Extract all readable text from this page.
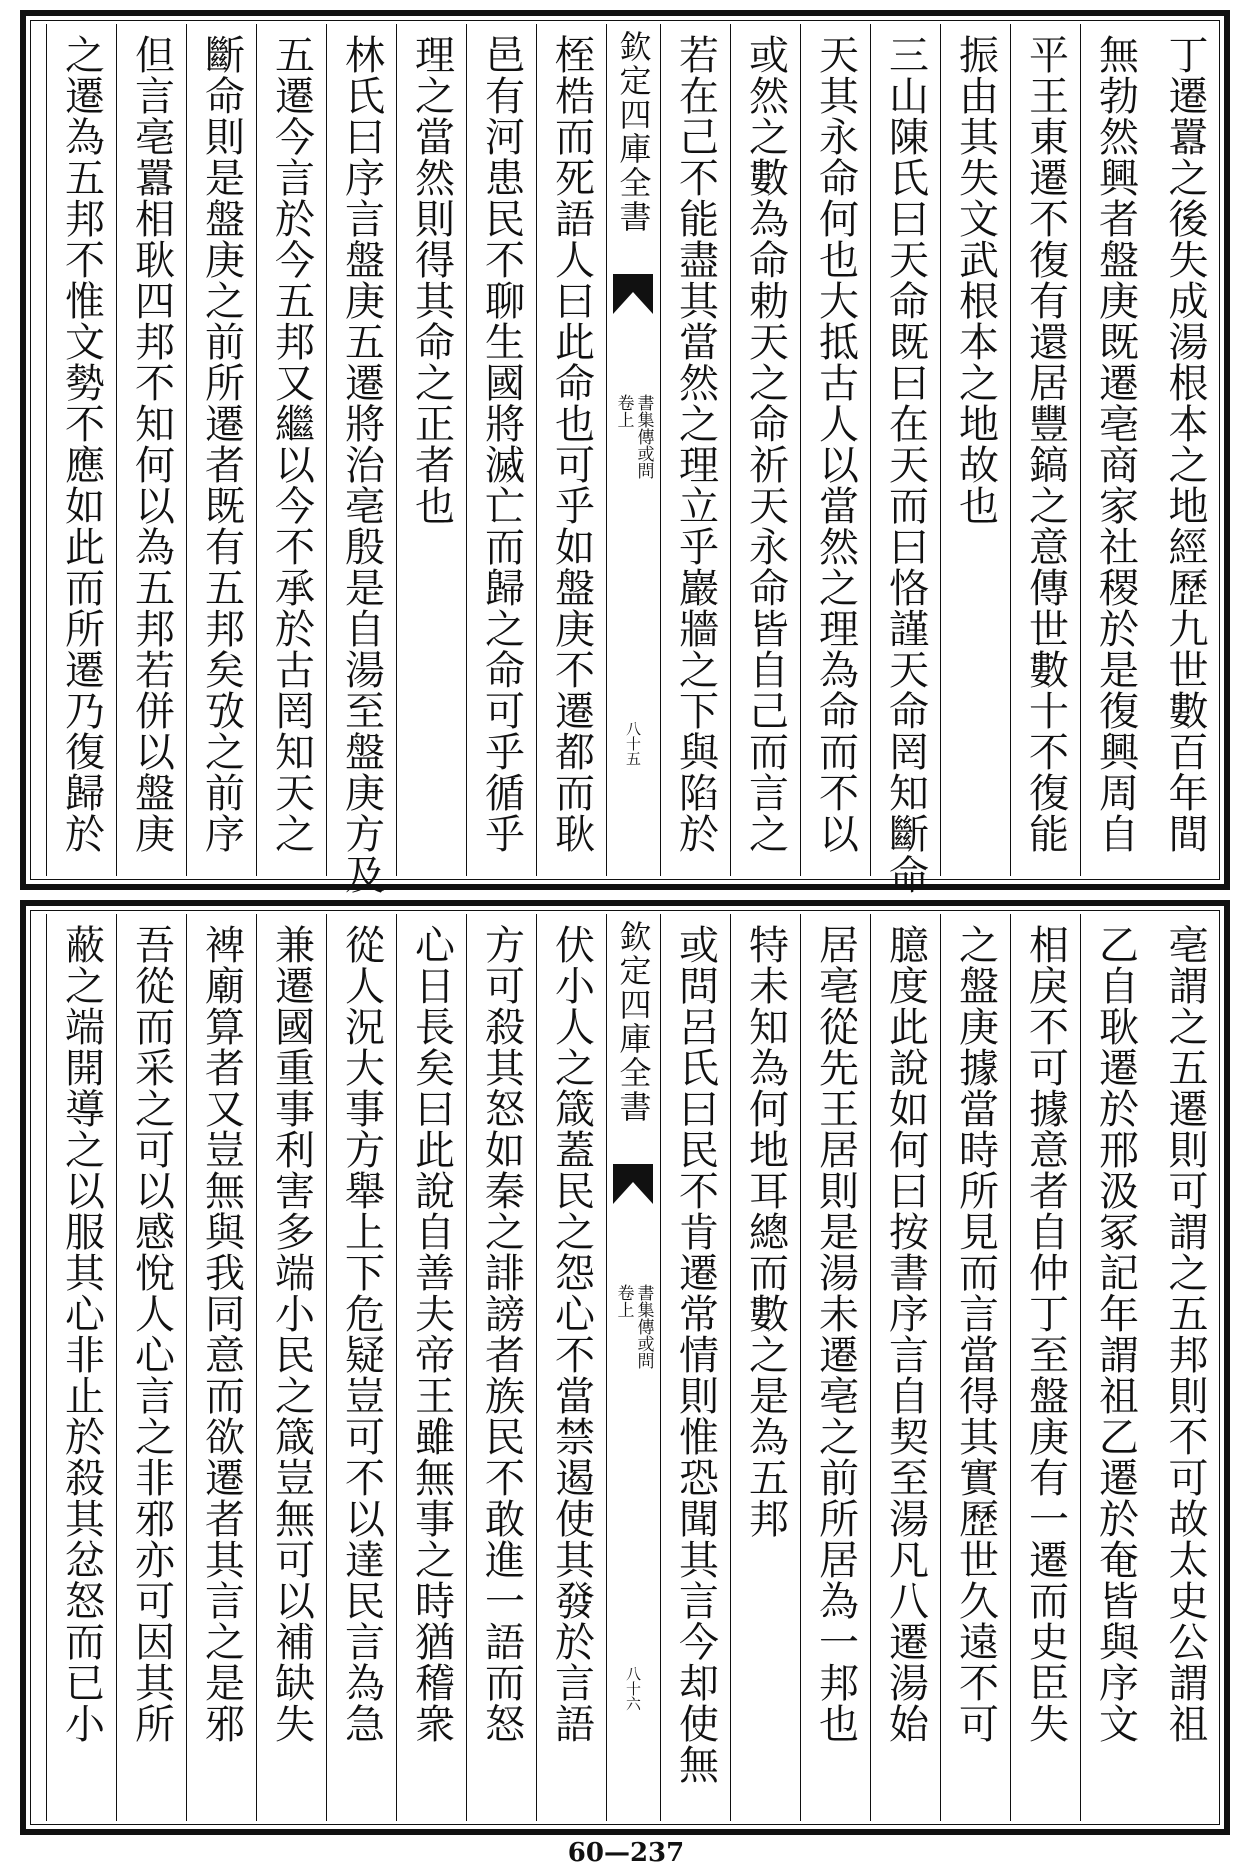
丁遷囂之後失成湯根本之地經歷九世數百年間
無勃然興者盤庚既遷亳商家社稷於是復興周自
平王東遷不復有還居豐鎬之意傳世數十不復能
振由其失文武根本之地故也
三山陳氏曰天命既曰在天而曰恪謹天命罔知斷命
天其永命何也大抵古人以當然之理為命而不以
或然之數為命勅天之命祈天永命皆自己而言之
若在己不能盡其當然之理立乎巖牆之下與陷於
欽定四庫全書
書集傳或問
卷上
八十五
桎梏而死語人曰此命也可乎如盤庚不遷都而耿
邑有河患民不聊生國將滅亡而歸之命可乎循乎
理之當然則得其命之正者也
林氏曰序言盤庚五遷將治亳殷是自湯至盤庚方及
五遷今言於今五邦又繼以今不承於古罔知天之
斷命則是盤庚之前所遷者既有五邦矣攷之前序
但言亳囂相耿四邦不知何以為五邦若併以盤庚
之遷為五邦不惟文勢不應如此而所遷乃復歸於
亳謂之五遷則可謂之五邦則不可故太史公謂祖
乙自耿遷於邢汲冢記年謂祖乙遷於奄皆與序文
相戾不可據意者自仲丁至盤庚有一遷而史臣失
之盤庚據當時所見而言當得其實歷世久遠不可
臆度此說如何曰按書序言自契至湯凡八遷湯始
居亳從先王居則是湯未遷亳之前所居為一邦也
特未知為何地耳總而數之是為五邦
或問呂氏曰民不肯遷常情則惟恐聞其言今却使無
欽定四庫全書
書集傳或問
卷上
八十六
伏小人之箴蓋民之怨心不當禁遏使其發於言語
方可殺其怒如秦之誹謗者族民不敢進一語而怒
心日長矣曰此說自善夫帝王雖無事之時猶稽衆
從人況大事方舉上下危疑豈可不以達民言為急
兼遷國重事利害多端小民之箴豈無可以補缺失
裨廟算者又豈無與我同意而欲遷者其言之是邪
吾從而采之可以感悅人心言之非邪亦可因其所
蔽之端開導之以服其心非止於殺其忿怒而已小
60—237
